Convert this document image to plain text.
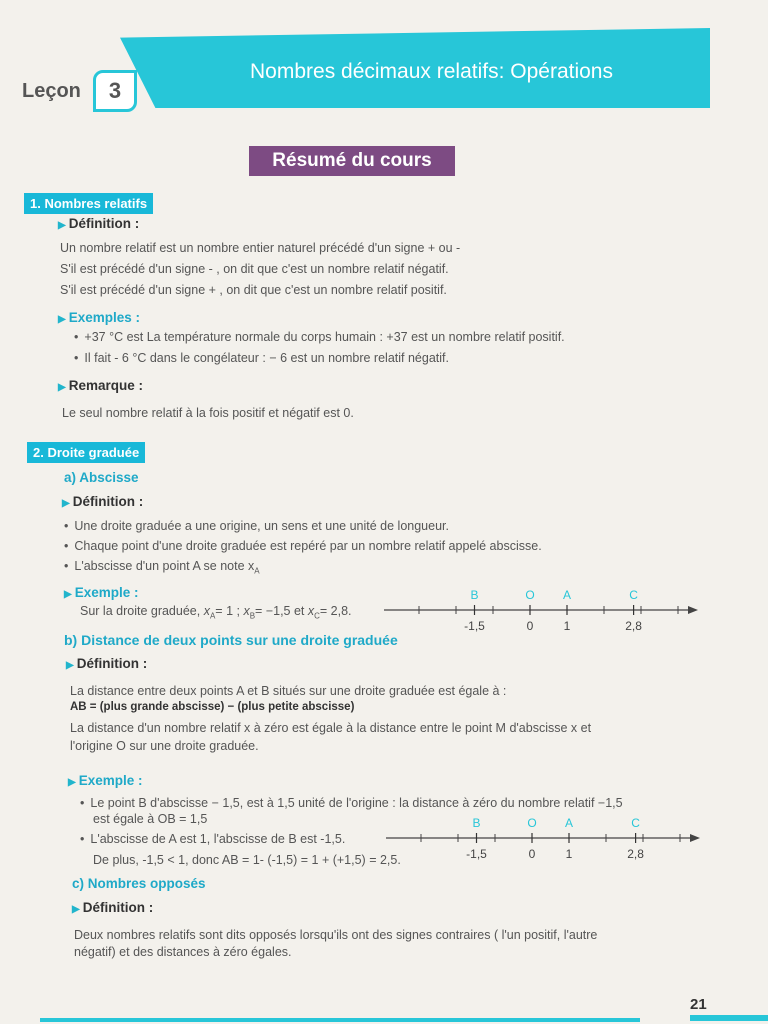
Nombres décimaux relatifs: Opérations
Leçon	3
Résumé du cours
1. Nombres relatifs
▶ Définition :
Un nombre relatif est un nombre entier naturel précédé d'un signe + ou -
S'il est précédé d'un signe - , on dit que c'est un nombre relatif négatif.
S'il est précédé d'un signe + , on dit que c'est un nombre relatif positif.
▶ Exemples :
• +37 °C est La température normale du corps humain : +37 est un nombre relatif positif.
• Il fait - 6 °C dans le congélateur : − 6 est un nombre relatif négatif.
▶ Remarque :
Le seul nombre relatif à la fois positif et négatif est 0.
2. Droite graduée
a) Abscisse
▶ Définition :
• Une droite graduée a une origine, un sens et une unité de longueur.
• Chaque point d'une droite graduée est repéré par un nombre relatif appelé abscisse.
• L'abscisse d'un point A se note $x_A$
▶ Exemple :
Sur la droite graduée, $x_A= 1$ ; $x_B= -1,5$ et $x_C= 2,8$.
B
-1,5
O
0
A
1
C
2,8
b) Distance de deux points sur une droite graduée
▶ Définition :
La distance entre deux points A et B situés sur une droite graduée est égale à :
AB = (plus grande abscisse) − (plus petite abscisse)
La distance d'un nombre relatif x à zéro est égale à la distance entre le point M d'abscisse x et
l'origine O sur une droite graduée.
▶ Exemple :
• Le point B d'abscisse − 1,5, est à 1,5 unité de l'origine : la distance à zéro du nombre relatif −1,5
est égale à OB = 1,5
• L'abscisse de A est 1, l'abscisse de B est -1,5.
De plus, -1,5 < 1, donc AB = 1- (-1,5) = 1 + (+1,5) = 2,5.
B
-1,5
O
0
A
1
C
2,8
c) Nombres opposés
▶ Définition :
Deux nombres relatifs sont dits opposés lorsqu'ils ont des signes contraires ( l'un positif, l'autre
négatif) et des distances à zéro égales.
21
